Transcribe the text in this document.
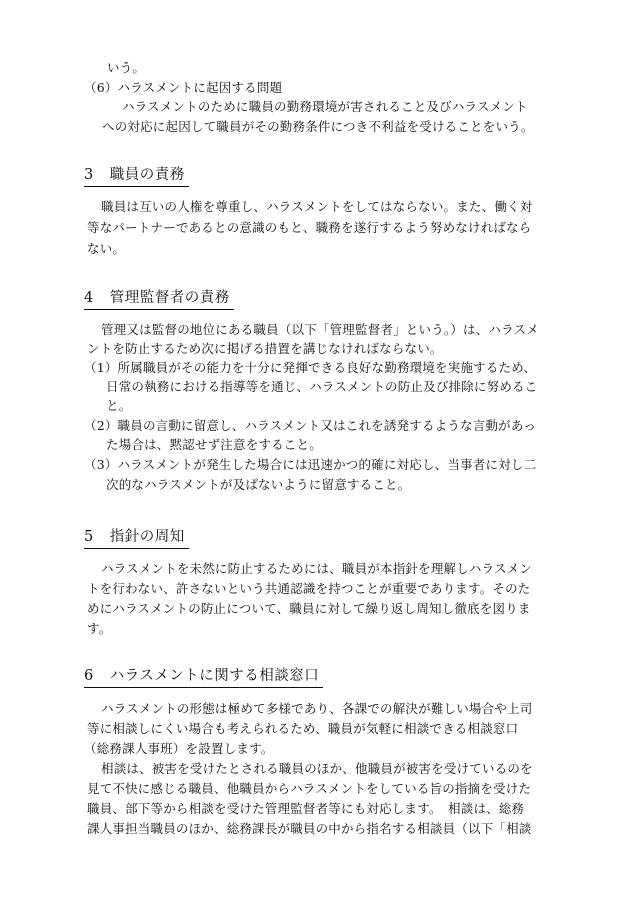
いう。
（6）ハラスメントに起因する問題
ハラスメントのために職員の勤務環境が害されること及びハラスメント
への対応に起因して職員がその勤務条件につき不利益を受けることをいう。
3 職員の責務
職員は互いの人権を尊重し、ハラスメントをしてはならない。また、働く対
等なパートナーであるとの意識のもと、職務を遂行するよう努めなければなら
ない。
4 管理監督者の責務
管理又は監督の地位にある職員（以下「管理監督者」という。）は、ハラスメ
ントを防止するため次に掲げる措置を講じなければならない。
（1）所属職員がその能力を十分に発揮できる良好な勤務環境を実施するため、
日常の執務における指導等を通じ、ハラスメントの防止及び排除に努めるこ
と。
（2）職員の言動に留意し、ハラスメント又はこれを誘発するような言動があっ
た場合は、黙認せず注意をすること。
（3）ハラスメントが発生した場合には迅速かつ的確に対応し、当事者に対し二
次的なハラスメントが及ばないように留意すること。
5 指針の周知
ハラスメントを未然に防止するためには、職員が本指針を理解しハラスメン
トを行わない、許さないという共通認識を持つことが重要であります。そのた
めにハラスメントの防止について、職員に対して繰り返し周知し徹底を図りま
す。
6 ハラスメントに関する相談窓口
ハラスメントの形態は極めて多様であり、各課での解決が難しい場合や上司
等に相談しにくい場合も考えられるため、職員が気軽に相談できる相談窓口
（総務課人事班）を設置します。
相談は、被害を受けたとされる職員のほか、他職員が被害を受けているのを
見て不快に感じる職員、他職員からハラスメントをしている旨の指摘を受けた
職員、部下等から相談を受けた管理監督者等にも対応します。　相談は、総務
課人事担当職員のほか、総務課長が職員の中から指名する相談員（以下「相談
